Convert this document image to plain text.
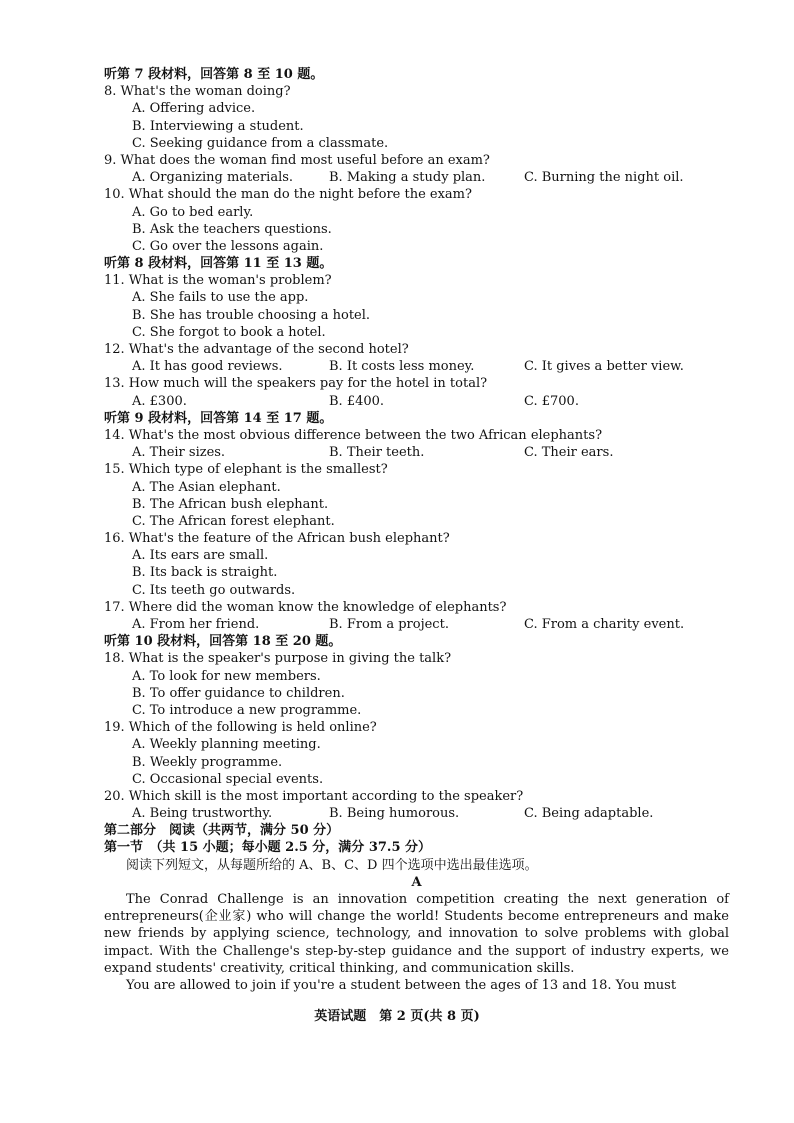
听第 7 段材料，回答第 8 至 10 题。
8. What's the woman doing?
A. Offering advice.
B. Interviewing a student.
C. Seeking guidance from a classmate.
9. What does the woman find most useful before an exam?
A. Organizing materials.	B. Making a study plan.	C. Burning the night oil.
10. What should the man do the night before the exam?
A. Go to bed early.
B. Ask the teachers questions.
C. Go over the lessons again.
听第 8 段材料，回答第 11 至 13 题。
11. What is the woman's problem?
A. She fails to use the app.
B. She has trouble choosing a hotel.
C. She forgot to book a hotel.
12. What's the advantage of the second hotel?
A. It has good reviews.	B. It costs less money.	C. It gives a better view.
13. How much will the speakers pay for the hotel in total?
A. £300.	B. £400.	C. £700.
听第 9 段材料，回答第 14 至 17 题。
14. What's the most obvious difference between the two African elephants?
A. Their sizes.	B. Their teeth.	C. Their ears.
15. Which type of elephant is the smallest?
A. The Asian elephant.
B. The African bush elephant.
C. The African forest elephant.
16. What's the feature of the African bush elephant?
A. Its ears are small.
B. Its back is straight.
C. Its teeth go outwards.
17. Where did the woman know the knowledge of elephants?
A. From her friend.	B. From a project.	C. From a charity event.
听第 10 段材料，回答第 18 至 20 题。
18. What is the speaker's purpose in giving the talk?
A. To look for new members.
B. To offer guidance to children.
C. To introduce a new programme.
19. Which of the following is held online?
A. Weekly planning meeting.
B. Weekly programme.
C. Occasional special events.
20. Which skill is the most important according to the speaker?
A. Being trustworthy.	B. Being humorous.	C. Being adaptable.
第二部分　阅读（共两节，满分 50 分）
第一节　（共 15 小题；每小题 2.5 分，满分 37.5 分）
阅读下列短文，从每题所给的 A、B、C、D 四个选项中选出最佳选项。
A
The Conrad Challenge is an innovation competition creating the next generation of entrepreneurs(企业家) who will change the world! Students become entrepreneurs and make new friends by applying science, technology, and innovation to solve problems with global impact. With the Challenge's step-by-step guidance and the support of industry experts, we expand students' creativity, critical thinking, and communication skills.
You are allowed to join if you're a student between the ages of 13 and 18. You must
英语试题　第 2 页(共 8 页)
